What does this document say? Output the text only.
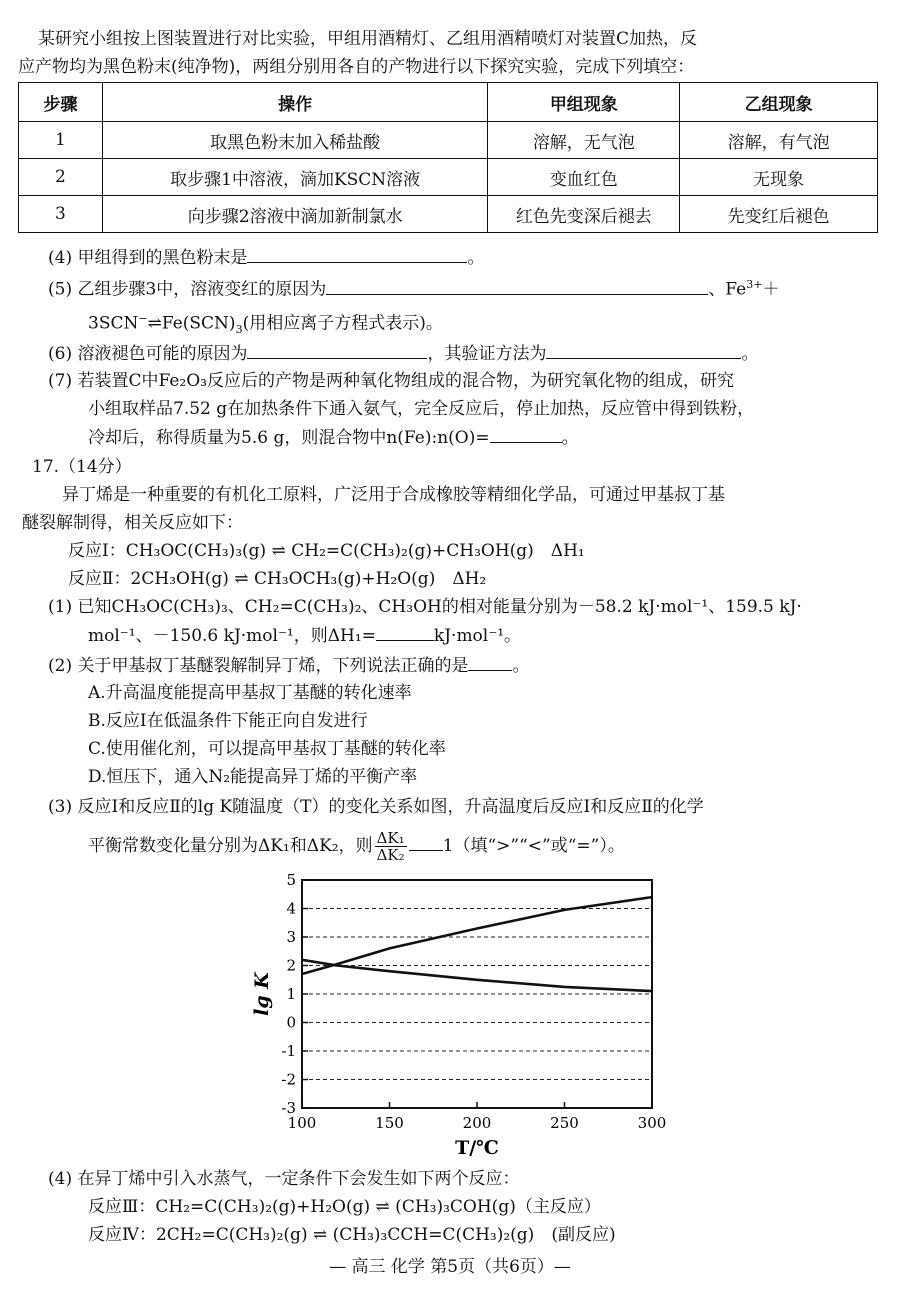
某研究小组按上图装置进行对比实验，甲组用酒精灯、乙组用酒精喷灯对装置C加热，反
应产物均为黑色粉末(纯净物)，两组分别用各自的产物进行以下探究实验，完成下列填空：
步骤	操作	甲组现象	乙组现象
1	取黑色粉末加入稀盐酸	溶解，无气泡	溶解，有气泡
2	取步骤1中溶液，滴加KSCN溶液	变血红色	无现象
3	向步骤2溶液中滴加新制氯水	红色先变深后褪去	先变红后褪色
(4) 甲组得到的黑色粉末是	。
(5) 乙组步骤3中，溶液变红的原因为	、$Fe^{3+}+$
$3SCN^-\rightleftharpoons Fe(SCN)_3$(用相应离子方程式表示)。
(6) 溶液褪色可能的原因为	，其验证方法为	。
(7) 若装置C中Fe₂O₃反应后的产物是两种氧化物组成的混合物，为研究氧化物的组成，研究
小组取样品7.52 g在加热条件下通入氨气，完全反应后，停止加热，反应管中得到铁粉，
冷却后，称得质量为5.6 g，则混合物中n(Fe):n(O)=	。
17.（14分）
异丁烯是一种重要的有机化工原料，广泛用于合成橡胶等精细化学品，可通过甲基叔丁基
醚裂解制得，相关反应如下：
反应Ⅰ：CH₃OC(CH₃)₃(g) ⇌ CH₂=C(CH₃)₂(g)+CH₃OH(g)　ΔH₁
反应Ⅱ：2CH₃OH(g) ⇌ CH₃OCH₃(g)+H₂O(g)　ΔH₂
(1) 已知CH₃OC(CH₃)₃、CH₂=C(CH₃)₂、CH₃OH的相对能量分别为－58.2 kJ·mol⁻¹、159.5 kJ·
mol⁻¹、－150.6 kJ·mol⁻¹，则ΔH₁=	kJ·mol⁻¹。
(2) 关于甲基叔丁基醚裂解制异丁烯，下列说法正确的是	。
A.升高温度能提高甲基叔丁基醚的转化速率
B.反应Ⅰ在低温条件下能正向自发进行
C.使用催化剂，可以提高甲基叔丁基醚的转化率
D.恒压下，通入N₂能提高异丁烯的平衡产率
(3) 反应Ⅰ和反应Ⅱ的lg K随温度（T）的变化关系如图，升高温度后反应Ⅰ和反应Ⅱ的化学
平衡常数变化量分别为ΔK₁和ΔK₂，则 $\frac{\text{ΔK₁}}{\text{ΔK₂}} 1$（填“>”“<”或“=”）。
-3
-2
-1
0
1
2
3
4
5
100	150	200	250	300
T/℃
lg K
(4) 在异丁烯中引入水蒸气，一定条件下会发生如下两个反应：
反应Ⅲ：CH₂=C(CH₃)₂(g)+H₂O(g) ⇌ (CH₃)₃COH(g)（主反应）
反应Ⅳ：2CH₂=C(CH₃)₂(g) ⇌ (CH₃)₃CCH=C(CH₃)₂(g)　(副反应)
— 高三 化学 第5页（共6页）—
